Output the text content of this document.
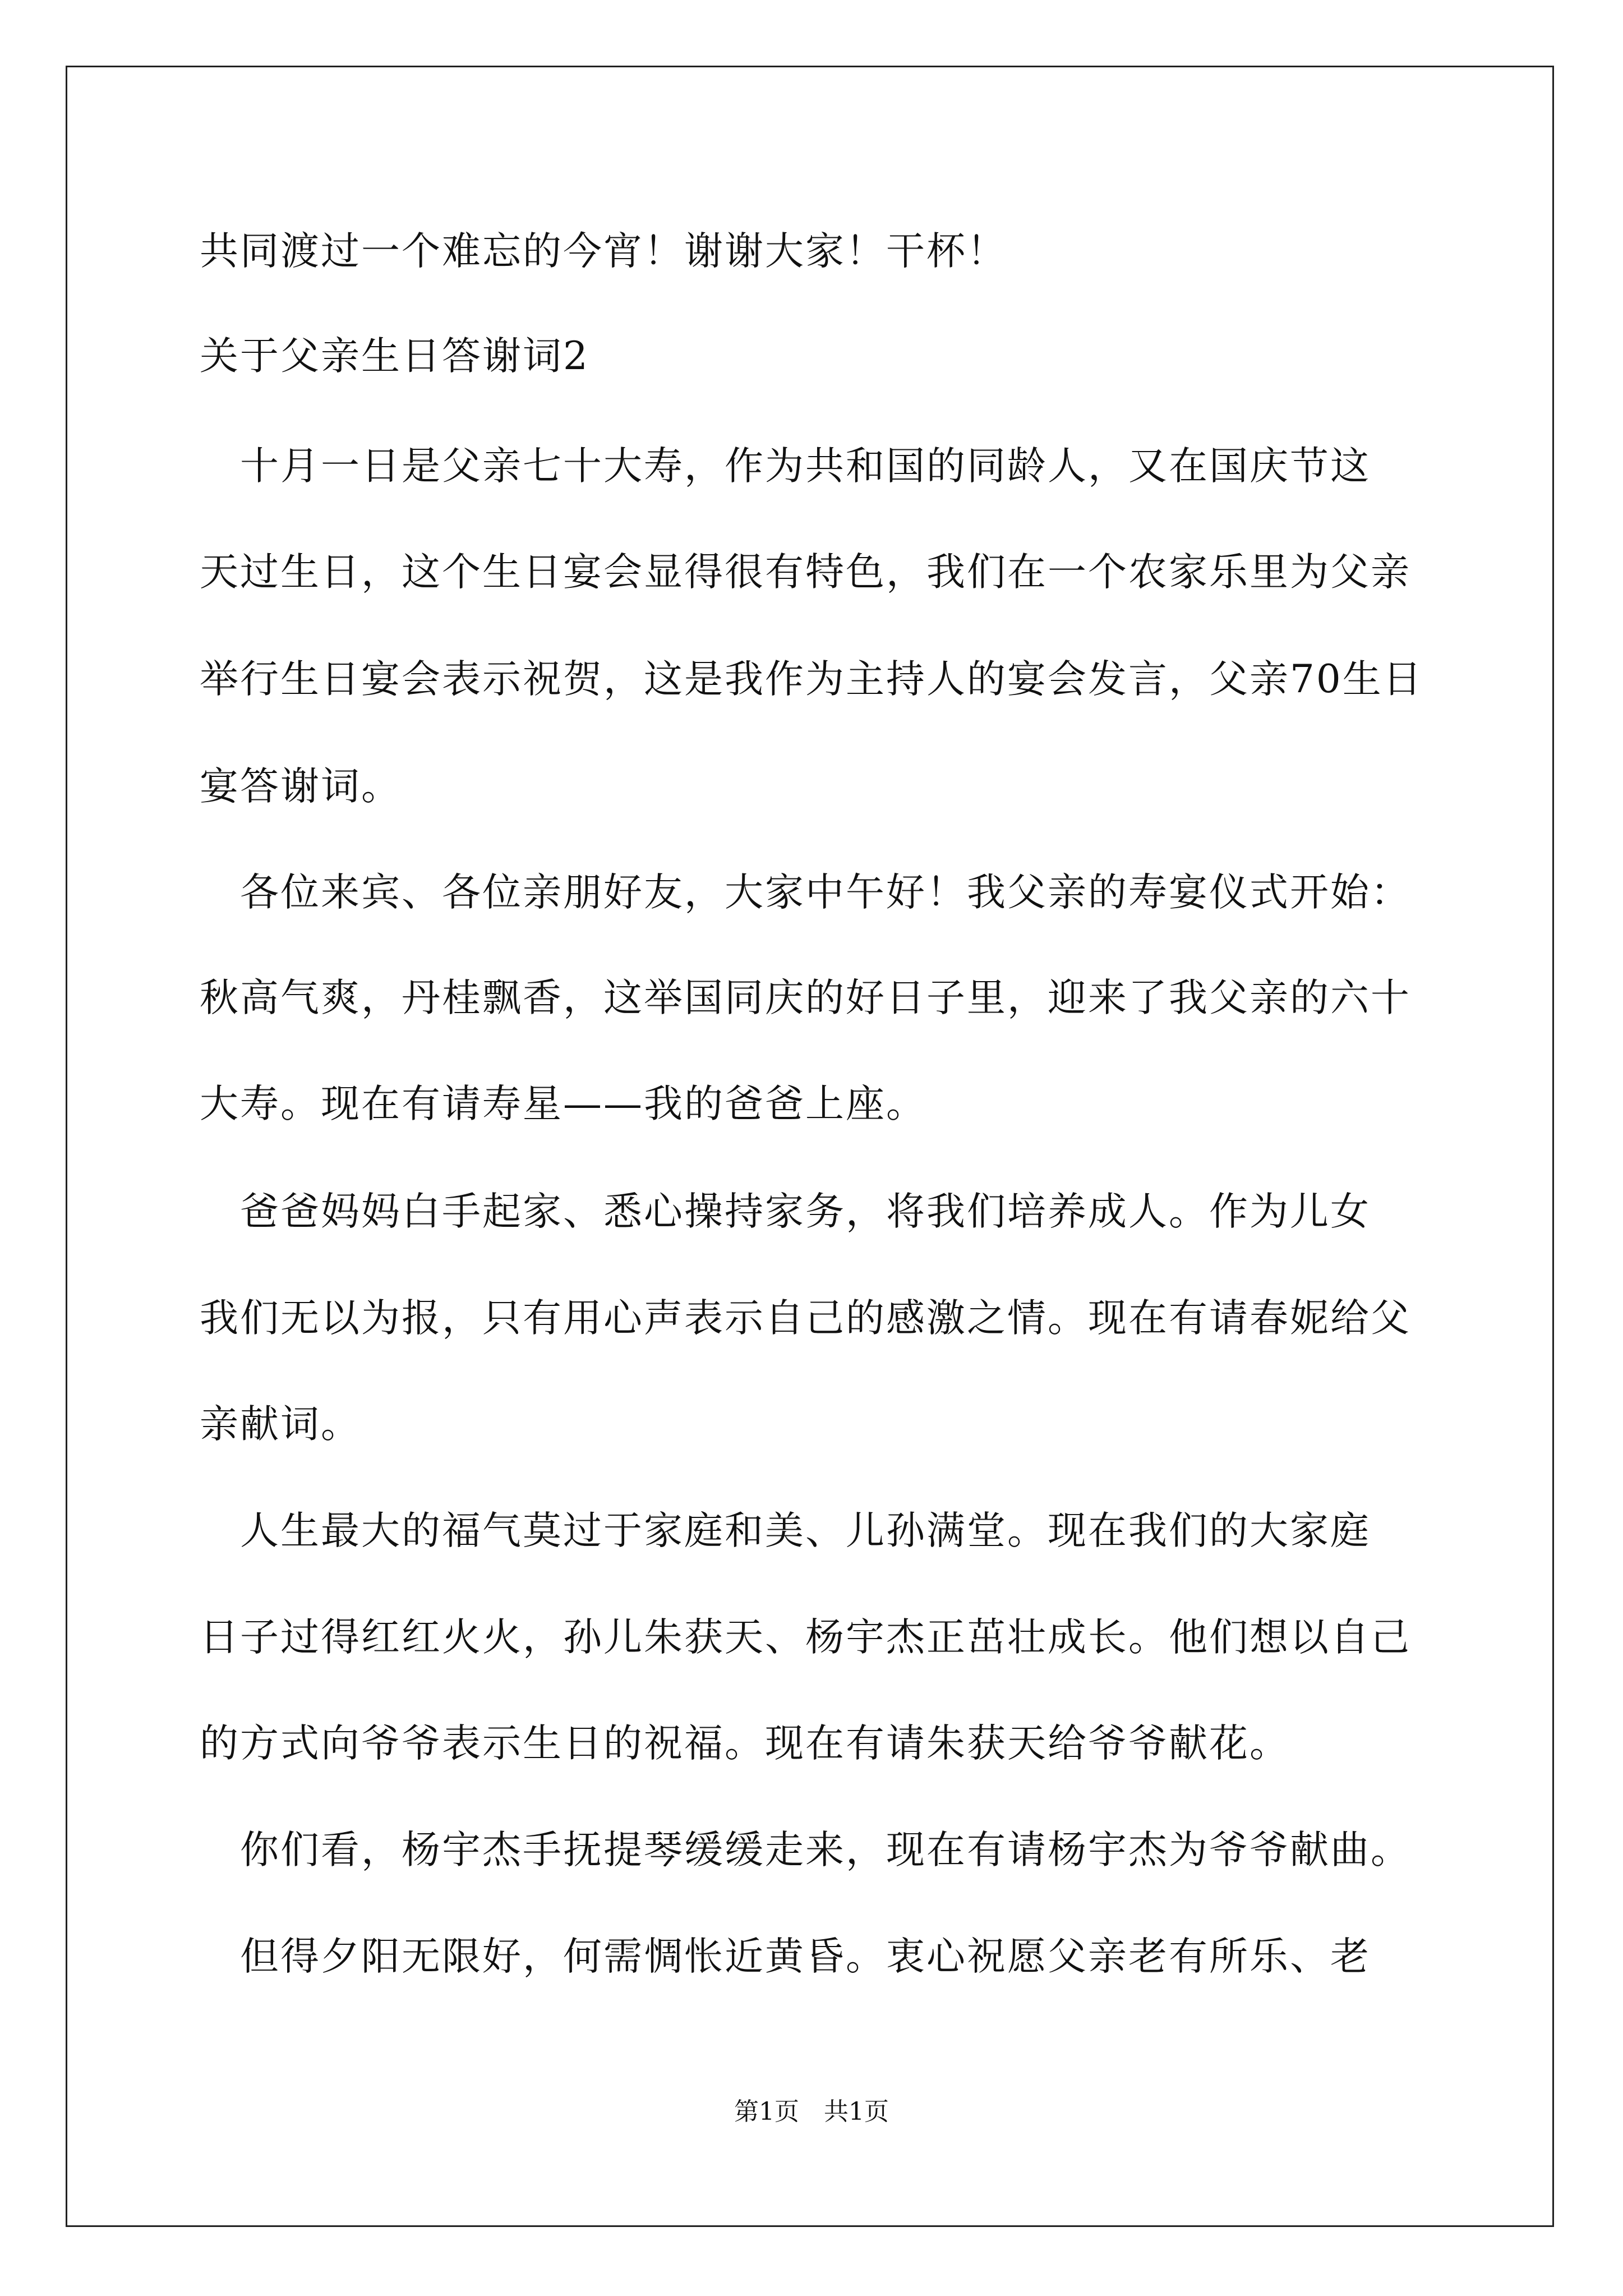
共同渡过一个难忘的今宵！谢谢大家！干杯！

关于父亲生日答谢词2

　十月一日是父亲七十大寿，作为共和国的同龄人，又在国庆节这

天过生日，这个生日宴会显得很有特色，我们在一个农家乐里为父亲

举行生日宴会表示祝贺，这是我作为主持人的宴会发言，父亲70生日

宴答谢词。

　各位来宾、各位亲朋好友，大家中午好！我父亲的寿宴仪式开始：

秋高气爽，丹桂飘香，这举国同庆的好日子里，迎来了我父亲的六十

大寿。现在有请寿星——我的爸爸上座。

　爸爸妈妈白手起家、悉心操持家务，将我们培养成人。作为儿女

我们无以为报，只有用心声表示自己的感激之情。现在有请春妮给父

亲献词。

　人生最大的福气莫过于家庭和美、儿孙满堂。现在我们的大家庭

日子过得红红火火，孙儿朱获天、杨宇杰正茁壮成长。他们想以自己

的方式向爷爷表示生日的祝福。现在有请朱获天给爷爷献花。

　你们看，杨宇杰手抚提琴缓缓走来，现在有请杨宇杰为爷爷献曲。

　但得夕阳无限好，何需惆怅近黄昏。衷心祝愿父亲老有所乐、老

第1页　共1页
